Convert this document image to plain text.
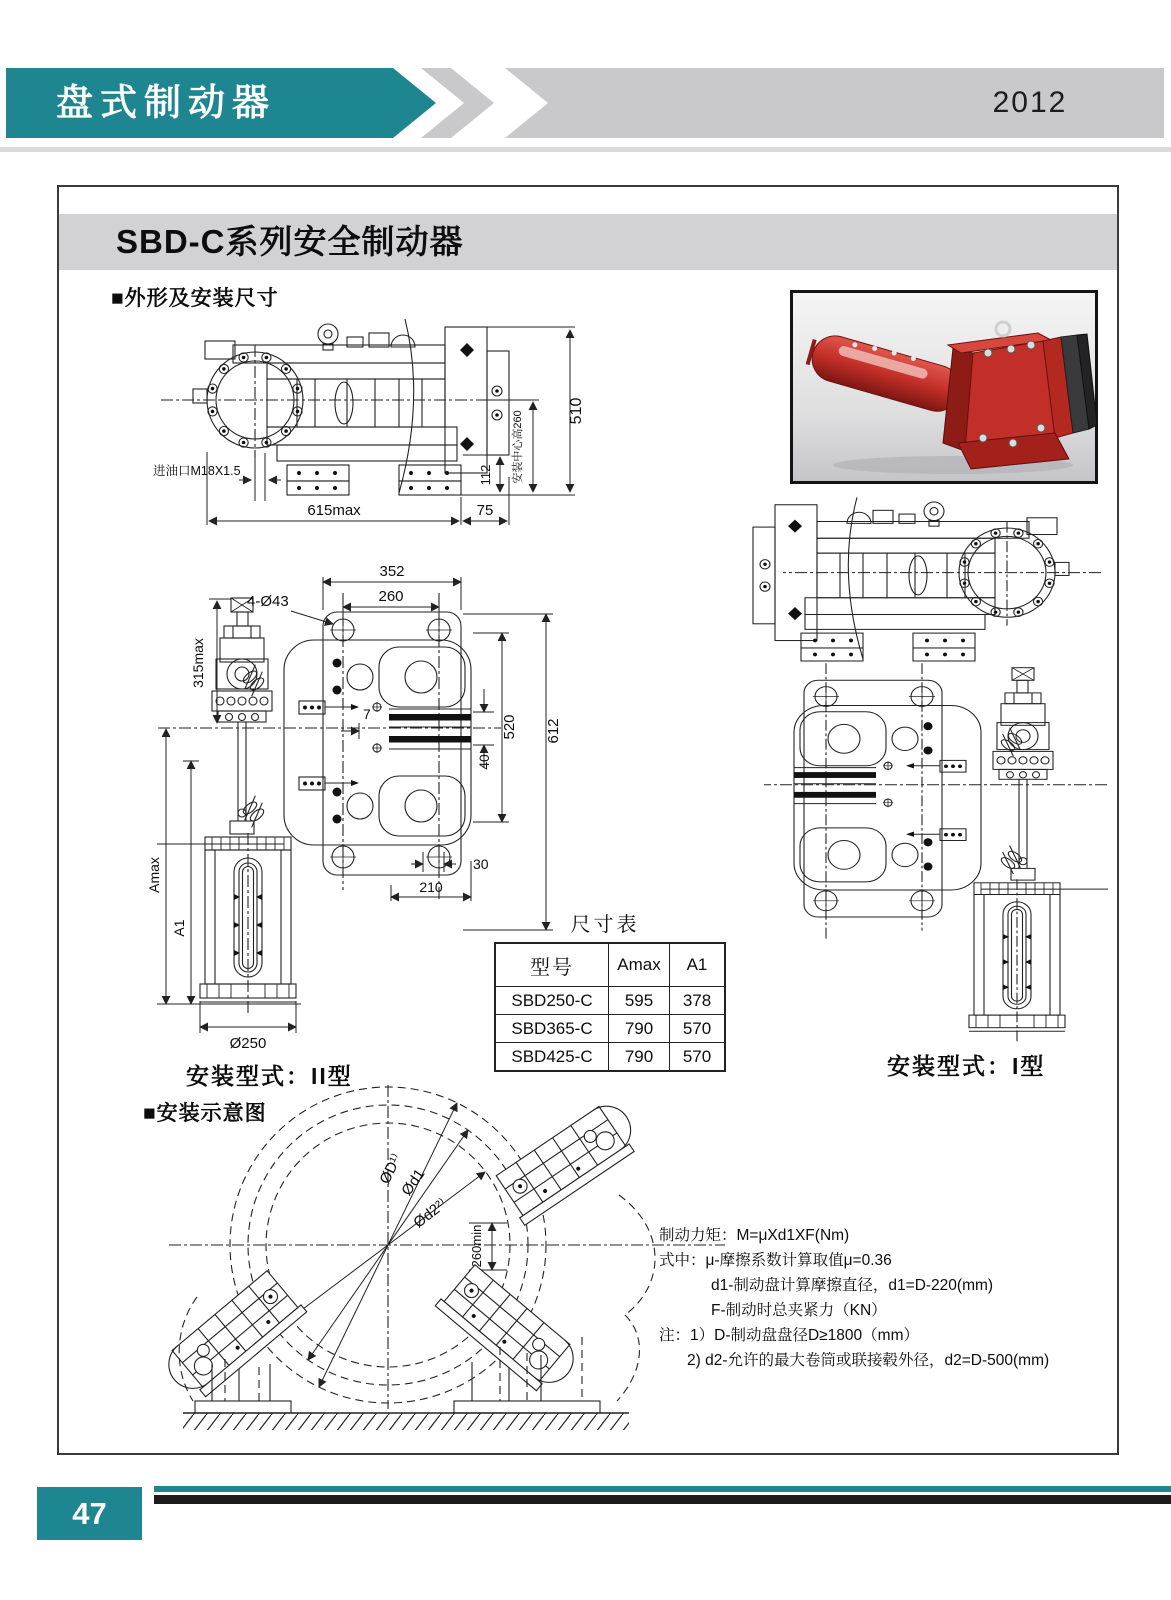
盘式制动器	2012
SBD-C系列安全制动器
■外形及安装尺寸
510
安装中心高260
112
615max	75
进油口M18X1.5
安装型式：I型
352
260
4-Ø43
315max
7
40
520 612
30
210
Amax
A1
Ø250
安装型式：II型
尺寸表
型号	Amax	A1
SBD250-C	595	378
SBD365-C	790	570
SBD425-C	790	570
■安装示意图
ØD¹⁾
Ød1
Ød2²⁾
260min	制动力矩：M=μXd1XF(Nm)
式中：μ-摩擦系数计算取值μ=0.36
d1-制动盘计算摩擦直径，d1=D-220(mm)
F-制动时总夹紧力（KN）
注：1）D-制动盘盘径D≥1800（mm）
2) d2-允许的最大卷筒或联接毂外径，d2=D-500(mm)
47
